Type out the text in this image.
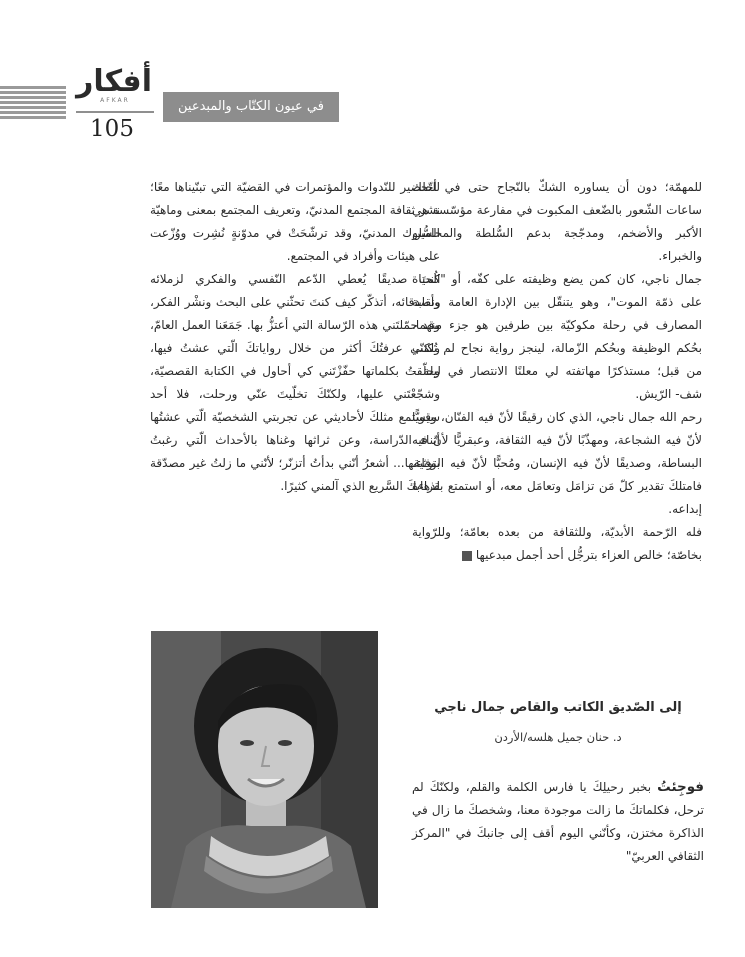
أفكار
AFKAR
105
في عيون الكتّاب والمبدعين

للمهمّة؛ دون أن يساوره الشكّ بالنّجاح حتى في أحلك ساعات الشّعور بالضّعف المكبوت في مفارعة مؤسّسة هي الأكبر والأضخم، ومدجّجة بدعم السُّلطة والمحامين والخبراء.

جمال ناجي، كان كمن يضع وظيفته على كفّه، أو "الحياة على ذمّة الموت"، وهو يتنقّل بين الإدارة العامة ونقابة المصارف في رحلة مكوكيّة بين طرفين هو جزء منهما، بحُكم الوظيفة وبحُكم الزّمالة، لينجز رواية نجاح لم تُكتب من قبل؛ مستذكرًا مهاتفته لي معلنًا الانتصار في ليلة - شف- الرّيش.

رحم الله جمال ناجي، الذي كان رقيقًا لأنّ فيه الفنّان، وقويًّا لأنّ فيه الشجاعة، ومهذّبًا لأنّ فيه الثقافة، وعبقريًّا لأنّ فيه البساطة، وصديقًا لأنّ فيه الإنسان، ومُحبًّا لأنّ فيه الوفاء، فامتلكَ تقدير كلّ مَن تزامَل وتعامَل معه، أو استمتع بقراءة إبداعه.

فله الرّحمة الأبديّة، وللثقافة من بعده بعامّة؛ وللرّواية بخاصّة؛ خالص العزاء بترجُّل أحد أجمل مبدعيها

إلى الصّديق الكاتب والقاص جمال ناجي
د. حنان جميل هلسه/الأردن

فوجِئتُ بخبر رحيلِكَ يا فارس الكلمة والقلم، ولكنّكَ لم ترحل، فكلماتكَ ما زالت موجودة معنا، وشخصكَ ما زال في الذاكرة مختزن، وكأنّني اليوم أقف إلى جانبكَ في "المركز الثقافي العربيّ"

للتّحضير للنّدوات والمؤتمرات في القضيّة التي تبنّيناها معًا؛ نشر ثقافة المجتمع المدنيّ، وتعريف المجتمع بمعنى وماهيّة السُّلوك المدنيّ، وقد ترشّحَتْ في مدوّنةٍ نُشِرت ووُزّعت على هيئات وأفراد في المجتمع.

كُنتَ صديقًا يُعطي الدّعم النّفسي والفكري لزملائه وأصدقائه، أتذكّر كيف كنتَ تحثّني على البحث ونشْر الفكر، وقد حمّلتَني هذه الرّسالة التي أعتزُّ بها. جَمَعَنا العمل العامّ، ولكنّي عرفتُكَ أكثر من خلال رواياتكَ الّتي عشتُ فيها، وحلّقتُ بكلماتها حفّزْتَني كي أحاول في الكتابة القصصيّة، وشجّعْتَني عليها، ولكنّكَ تخلّيتَ عنّي ورحلت، فلا أحد سيستمع مثلكَ لأحاديثي عن تجربتي الشخصيّة الّتي عشتُها أثناء الدّراسة، وعن ثراثها وغناها بالأحداث الّتي رغبتُ بتوثيقها... أشعرُ أنّني بدأتُ أتزنّر؛ لأنّني ما زلتُ غير مصدّقة لذهابكَ السَّريع الذي آلمني كثيرًا.
